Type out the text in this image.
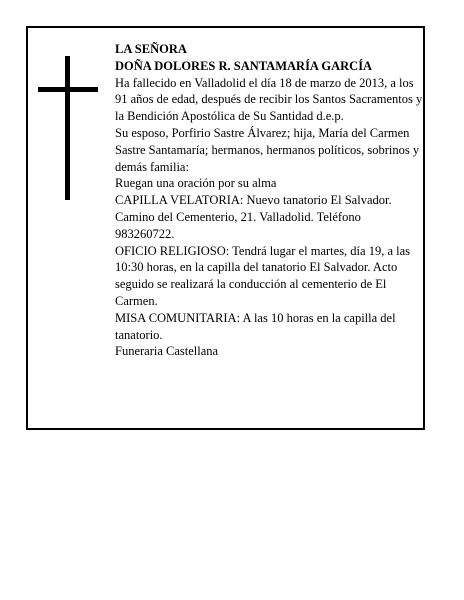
LA SEÑORA
DOÑA DOLORES R. SANTAMARÍA GARCÍA

Ha fallecido en Valladolid el día 18 de marzo de 2013, a los 91 años de edad, después de recibir los Santos Sacramentos y la Bendición Apostólica de Su Santidad d.e.p.

Su esposo, Porfirio Sastre Álvarez; hija, María del Carmen Sastre Santamaría; hermanos, hermanos políticos, sobrinos y demás familia:

Ruegan una oración por su alma

CAPILLA VELATORIA: Nuevo tanatorio El Salvador. Camino del Cementerio, 21. Valladolid. Teléfono 983260722.

OFICIO RELIGIOSO: Tendrá lugar el martes, día 19, a las 10:30 horas, en la capilla del tanatorio El Salvador. Acto seguido se realizará la conducción al cementerio de El Carmen.

MISA COMUNITARIA: A las 10 horas en la capilla del tanatorio.

Funeraria Castellana
